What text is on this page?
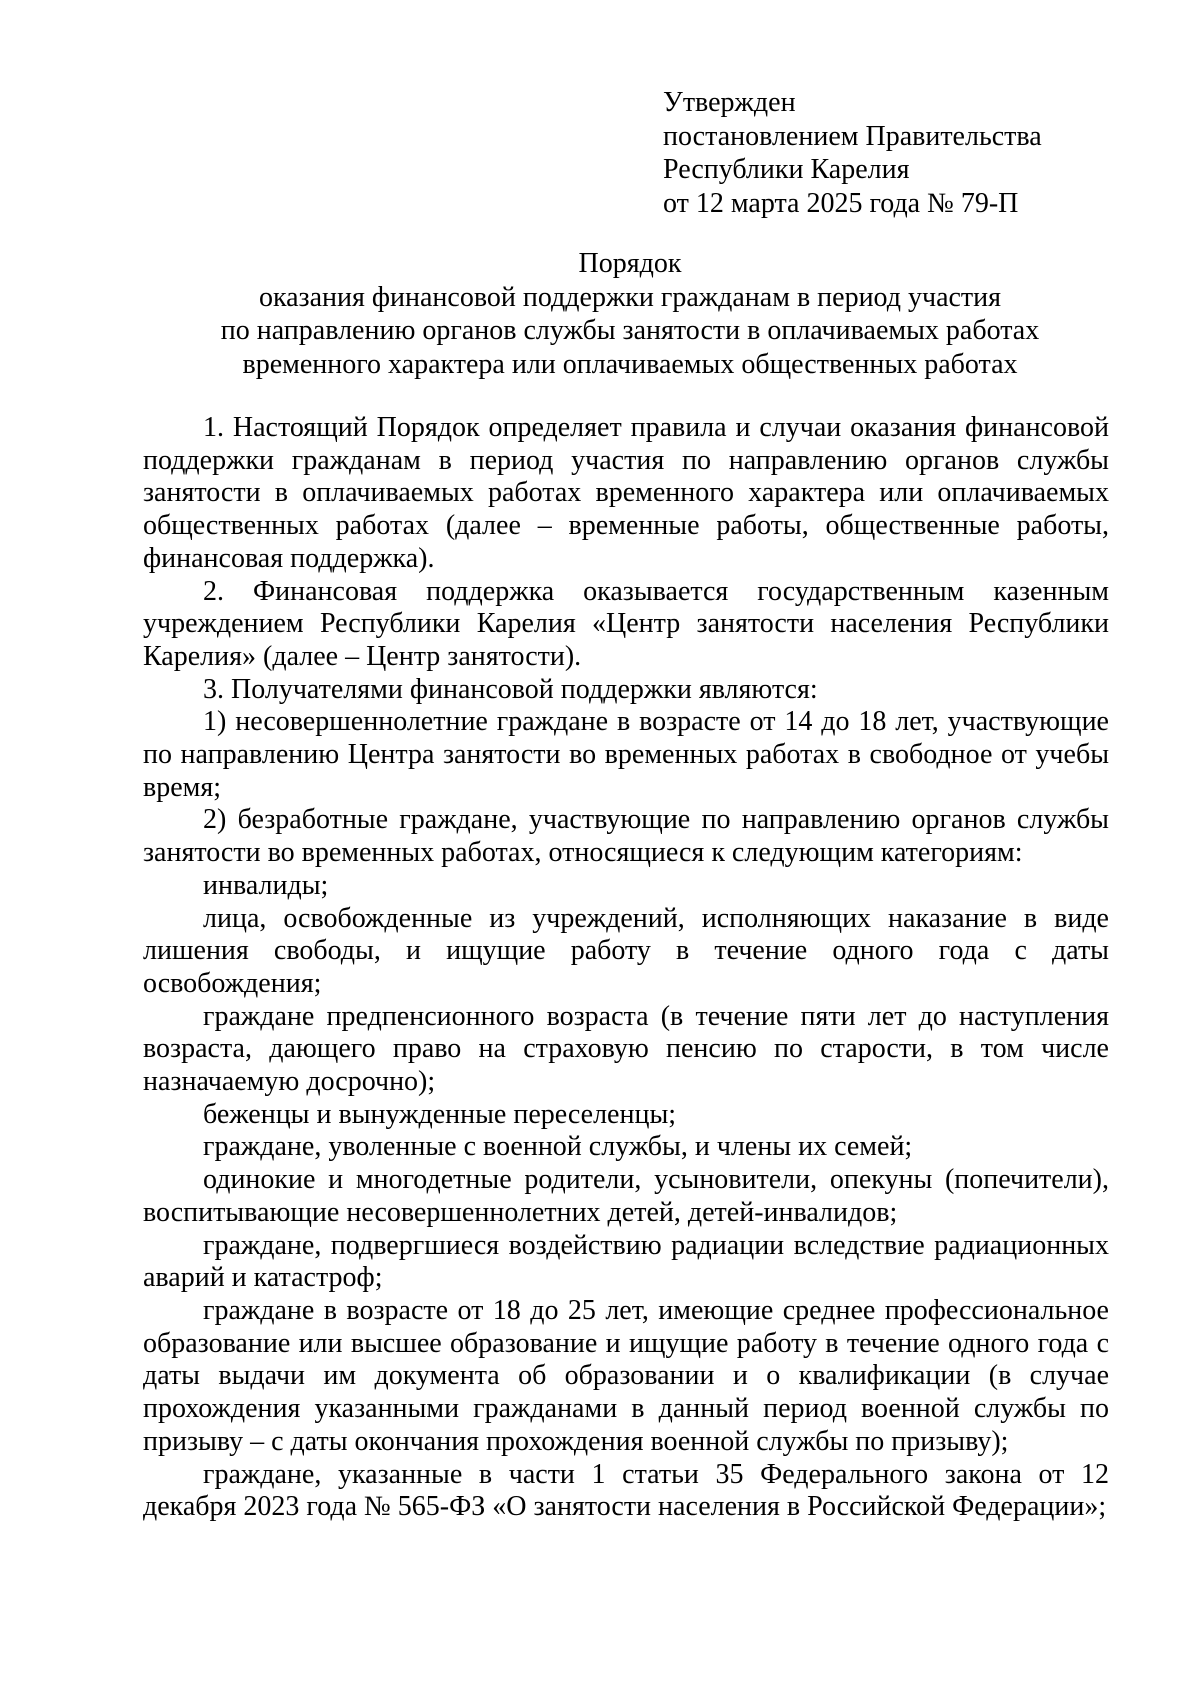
Утвержден
постановлением Правительства
Республики Карелия
от 12 марта 2025 года № 79-П
Порядок
оказания финансовой поддержки гражданам в период участия
по направлению органов службы занятости в оплачиваемых работах
временного характера или оплачиваемых общественных работах

1. Настоящий Порядок определяет правила и случаи оказания финансовой поддержки гражданам в период участия по направлению органов службы занятости в оплачиваемых работах временного характера или оплачиваемых общественных работах (далее – временные работы, общественные работы, финансовая поддержка).

2. Финансовая поддержка оказывается государственным казенным учреждением Республики Карелия «Центр занятости населения Республики Карелия» (далее – Центр занятости).

3. Получателями финансовой поддержки являются:

1) несовершеннолетние граждане в возрасте от 14 до 18 лет, участвующие по направлению Центра занятости во временных работах в свободное от учебы время;

2) безработные граждане, участвующие по направлению органов службы занятости во временных работах, относящиеся к следующим категориям:

инвалиды;

лица, освобожденные из учреждений, исполняющих наказание в виде лишения свободы, и ищущие работу в течение одного года с даты освобождения;

граждане предпенсионного возраста (в течение пяти лет до наступления возраста, дающего право на страховую пенсию по старости, в том числе назначаемую досрочно);

беженцы и вынужденные переселенцы;

граждане, уволенные с военной службы, и члены их семей;

одинокие и многодетные родители, усыновители, опекуны (попечители), воспитывающие несовершеннолетних детей, детей-инвалидов;

граждане, подвергшиеся воздействию радиации вследствие радиационных аварий и катастроф;

граждане в возрасте от 18 до 25 лет, имеющие среднее профессиональное образование или высшее образование и ищущие работу в течение одного года с даты выдачи им документа об образовании и о квалификации (в случае прохождения указанными гражданами в данный период военной службы по призыву – с даты окончания прохождения военной службы по призыву);

граждане, указанные в части 1 статьи 35 Федерального закона от 12 декабря 2023 года № 565-ФЗ «О занятости населения в Российской Федерации»;
